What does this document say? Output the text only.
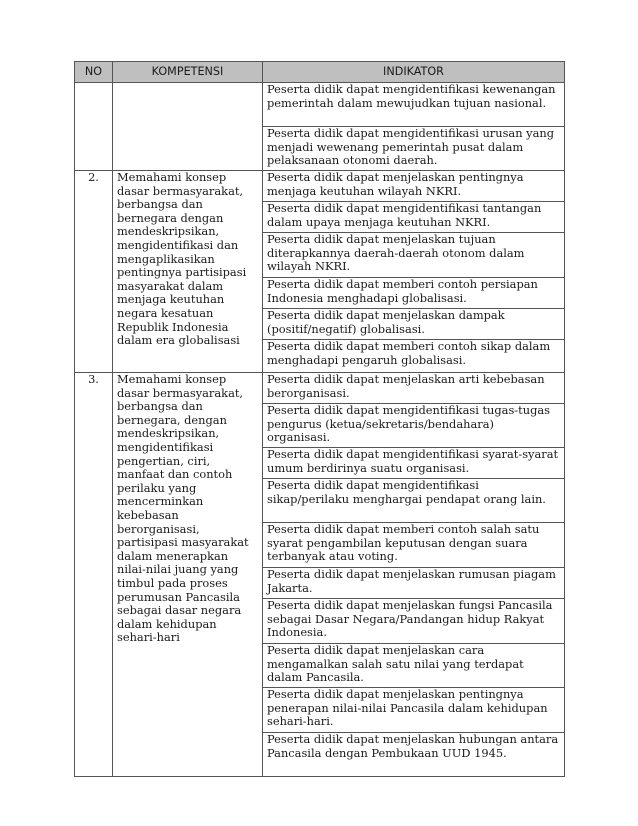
NO	KOMPETENSI	INDIKATOR
		Peserta didik dapat mengidentifikasi kewenangan pemerintah dalam mewujudkan tujuan nasional.
		Peserta didik dapat mengidentifikasi urusan yang menjadi wewenang pemerintah pusat dalam pelaksanaan otonomi daerah.
2.	Memahami konsep dasar bermasyarakat, berbangsa dan bernegara dengan mendeskripsikan, mengidentifikasi dan mengaplikasikan pentingnya partisipasi masyarakat dalam menjaga keutuhan negara kesatuan Republik Indonesia dalam era globalisasi	Peserta didik dapat menjelaskan pentingnya menjaga keutuhan wilayah NKRI.
		Peserta didik dapat mengidentifikasi tantangan dalam upaya menjaga keutuhan NKRI.
		Peserta didik dapat menjelaskan tujuan diterapkannya daerah-daerah otonom dalam wilayah NKRI.
		Peserta didik dapat memberi contoh persiapan Indonesia menghadapi globalisasi.
		Peserta didik dapat menjelaskan dampak (positif/negatif) globalisasi.
		Peserta didik dapat memberi contoh sikap dalam menghadapi pengaruh globalisasi.
3.	Memahami konsep dasar bermasyarakat, berbangsa dan bernegara, dengan mendeskripsikan, mengidentifikasi pengertian, ciri, manfaat dan contoh perilaku yang mencerminkan kebebasan berorganisasi, partisipasi masyarakat dalam menerapkan nilai-nilai juang yang timbul pada proses perumusan Pancasila sebagai dasar negara dalam kehidupan sehari-hari	Peserta didik dapat menjelaskan arti kebebasan berorganisasi.
		Peserta didik dapat mengidentifikasi tugas-tugas pengurus (ketua/sekretaris/bendahara) organisasi.
		Peserta didik dapat mengidentifikasi syarat-syarat umum berdirinya suatu organisasi.
		Peserta didik dapat mengidentifikasi sikap/perilaku menghargai pendapat orang lain.
		Peserta didik dapat memberi contoh salah satu syarat pengambilan keputusan dengan suara terbanyak atau voting.
		Peserta didik dapat menjelaskan rumusan piagam Jakarta.
		Peserta didik dapat menjelaskan fungsi Pancasila sebagai Dasar Negara/Pandangan hidup Rakyat Indonesia.
		Peserta didik dapat menjelaskan cara mengamalkan salah satu nilai yang terdapat dalam Pancasila.
		Peserta didik dapat menjelaskan pentingnya penerapan nilai-nilai Pancasila dalam kehidupan sehari-hari.
		Peserta didik dapat menjelaskan hubungan antara Pancasila dengan Pembukaan UUD 1945.
